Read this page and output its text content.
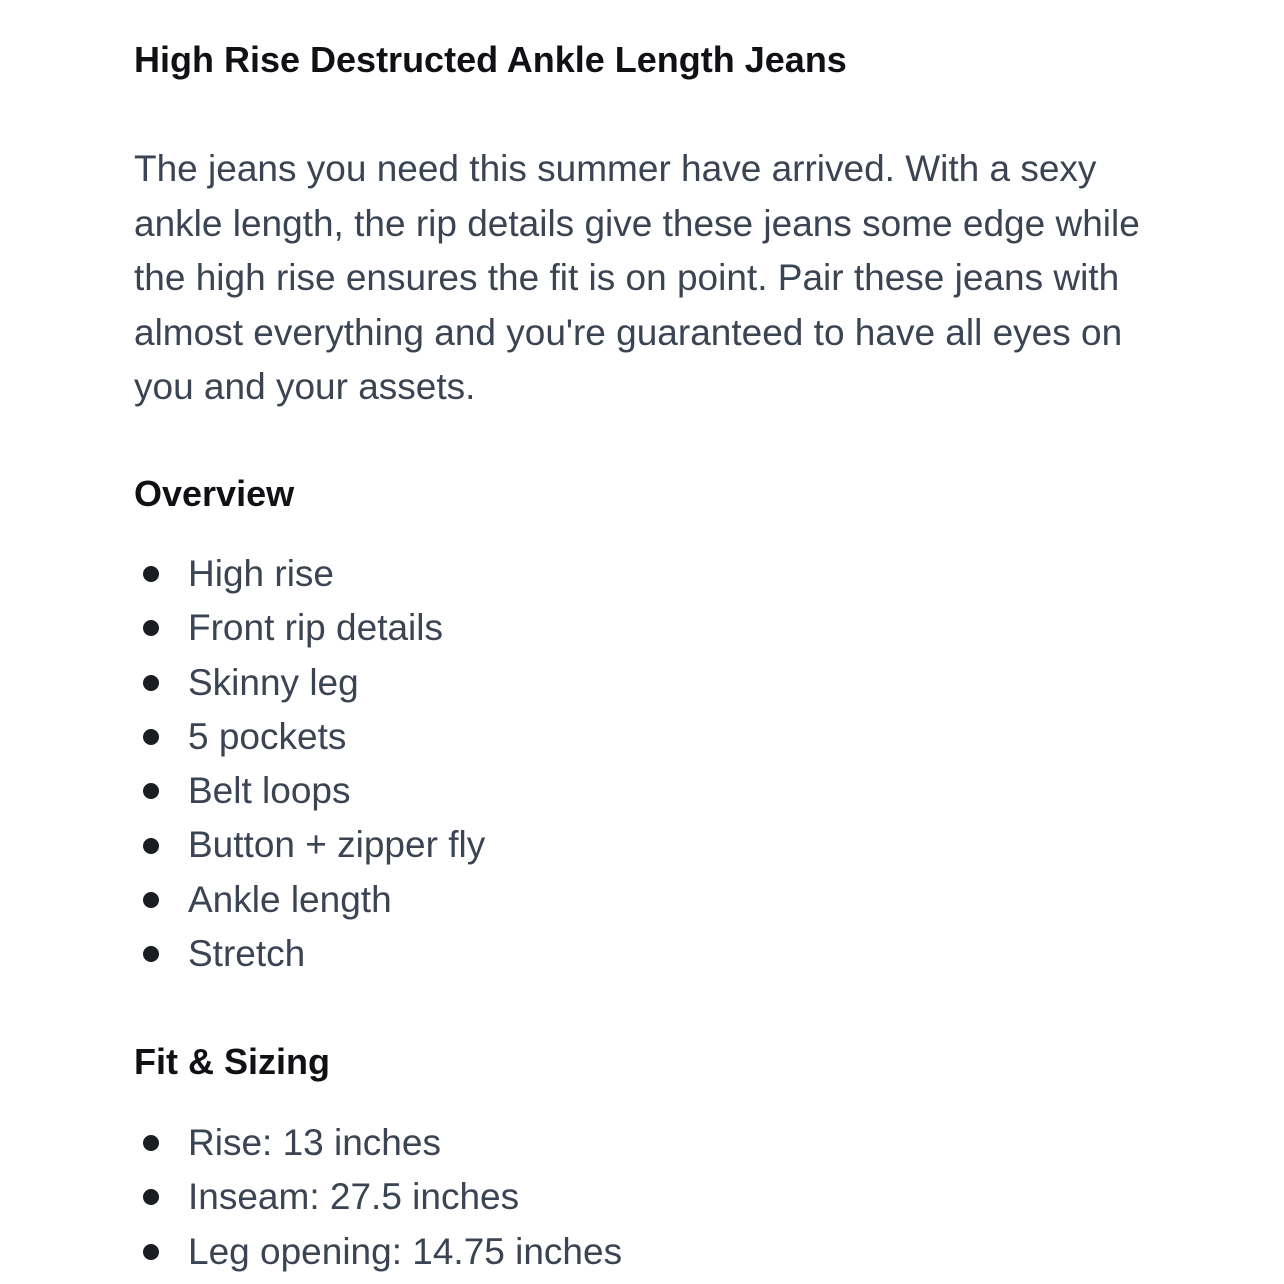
High Rise Destructed Ankle Length Jeans

The jeans you need this summer have arrived. With a sexy ankle length, the rip details give these jeans some edge while the high rise ensures the fit is on point. Pair these jeans with almost everything and you're guaranteed to have all eyes on you and your assets.

Overview
High rise
Front rip details
Skinny leg
5 pockets
Belt loops
Button + zipper fly
Ankle length
Stretch
Fit & Sizing
Rise: 13 inches
Inseam: 27.5 inches
Leg opening: 14.75 inches
